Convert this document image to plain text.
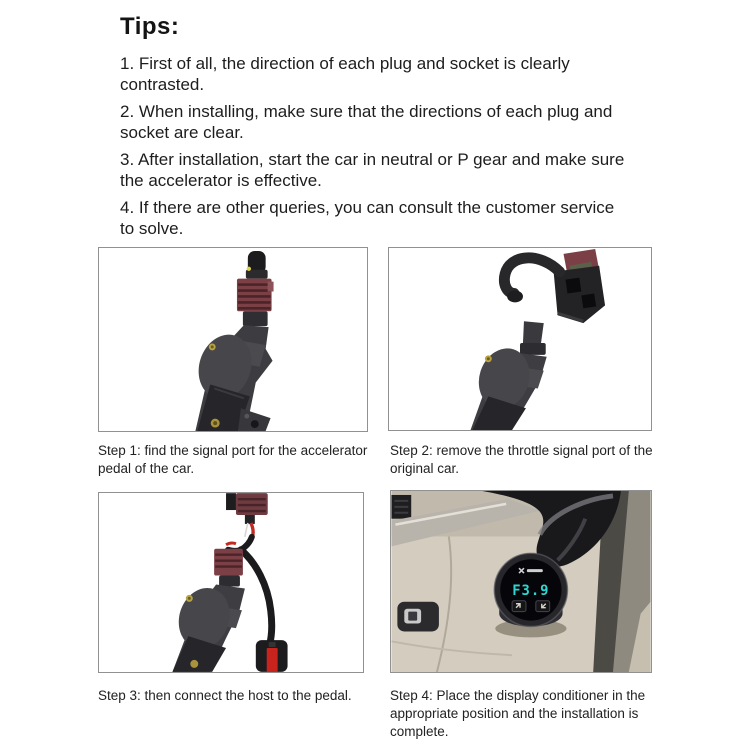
Tips:

1. First of all, the direction of each plug and socket is clearly contrasted.

2. When installing, make sure that the directions of each plug and socket are clear.

3. After installation, start the car in neutral or P gear and make sure the accelerator is effective.

4. If there are other queries, you can consult the customer service to solve.

F3.9

Step 1: find the signal port for the accelerator pedal of the car.

Step 2: remove the throttle signal port of the original car.

Step 3: then connect the host to the pedal.	Step 4: Place the display conditioner in the appropriate position and the installation is complete.
